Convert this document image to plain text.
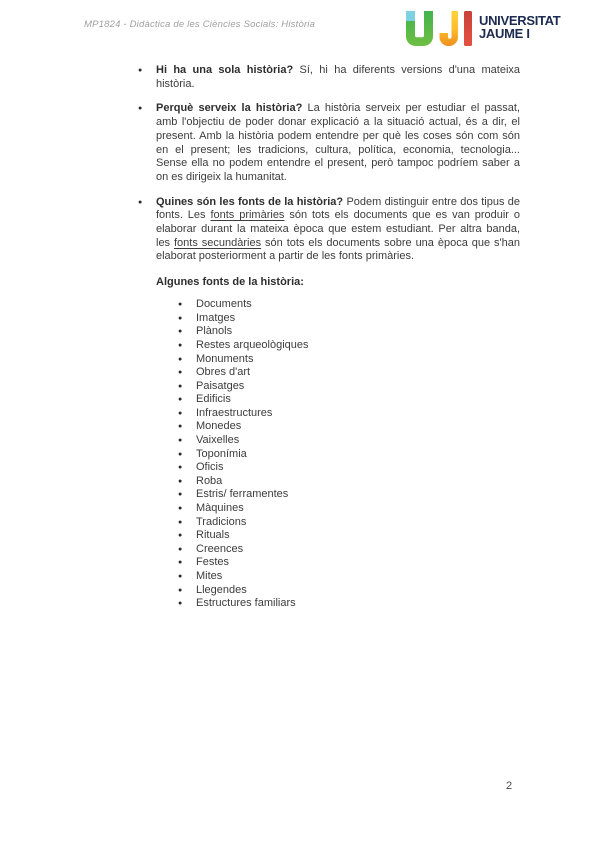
MP1824 - Didàctica de les Ciències Socials: Història	UNIVERSITAT
JAUME I
● Hi ha una sola història? Sí, hi ha diferents versions d'una mateixa història.

● Perquè serveix la història? La història serveix per estudiar el passat, amb l'objectiu de poder donar explicació a la situació actual, és a dir, el present. Amb la història podem entendre per què les coses són com són en el present; les tradicions, cultura, política, economia, tecnologia... Sense ella no podem entendre el present, però tampoc podríem saber a on es dirigeix la humanitat.

● Quines són les fonts de la història? Podem distinguir entre dos tipus de fonts. Les fonts primàries són tots els documents que es van produir o elaborar durant la mateixa època que estem estudiant. Per altra banda, les fonts secundàries són tots els documents sobre una època que s'han elaborat posteriorment a partir de les fonts primàries.

Algunes fonts de la història:
● Documents
● Imatges
● Plànols
● Restes arqueològiques
● Monuments
● Obres d'art
● Paisatges
● Edificis
● Infraestructures
● Monedes
● Vaixelles
● Toponímia
● Oficis
● Roba
● Estris/ ferramentes
● Màquines
● Tradicions
● Rituals
● Creences
● Festes
● Mites
● Llegendes
● Estructures familiars
2
